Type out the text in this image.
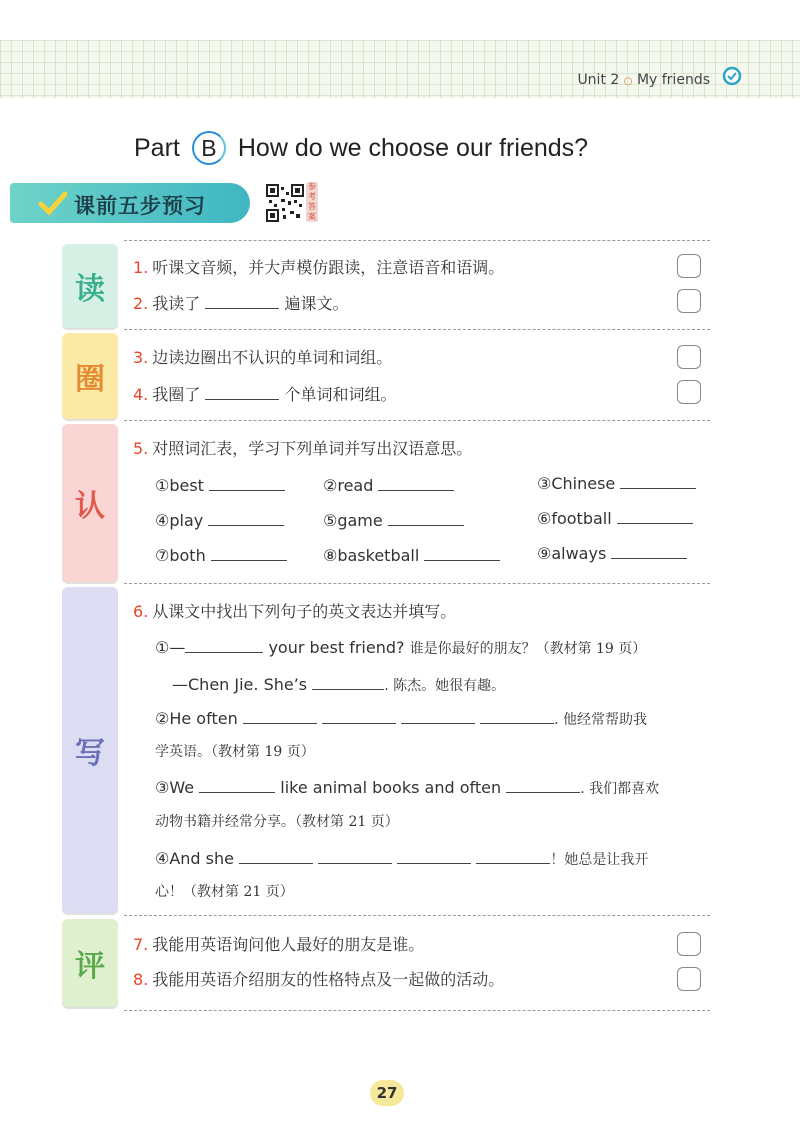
Unit 2 ○ My friends
Part B How do we choose our friends?
课前五步预习
参考答案
读
圈
认
写
评
1. 听课文音频，并大声模仿跟读，注意语音和语调。
2. 我读了	遍课文。
3. 边读边圈出不认识的单词和词组。
4. 我圈了	个单词和词组。
5. 对照词汇表，学习下列单词并写出汉语意思。
①best	②read	③Chinese
④play	⑤game	⑥football
⑦both	⑧basketball	⑨always
6. 从课文中找出下列句子的英文表达并填写。
①—	your best friend? 谁是你最好的朋友？（教材第 19 页）
—Chen Jie. She’s	. 陈杰。她很有趣。
②He often	. 他经常帮助我
学英语。（教材第 19 页）
③We	like animal books and often	. 我们都喜欢
动物书籍并经常分享。（教材第 21 页）
④And she	！她总是让我开
心！（教材第 21 页）
7. 我能用英语询问他人最好的朋友是谁。
8. 我能用英语介绍朋友的性格特点及一起做的活动。
27
